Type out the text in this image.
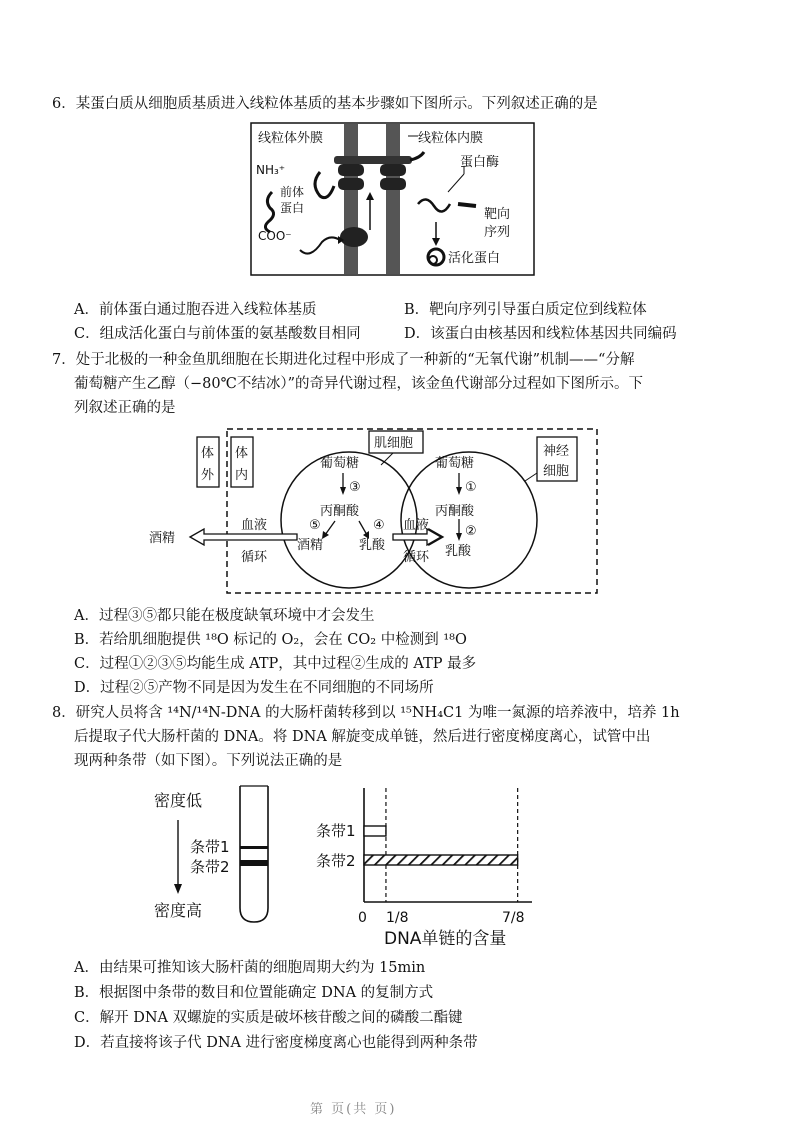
6．某蛋白质从细胞质基质进入线粒体基质的基本步骤如下图所示。下列叙述正确的是
线粒体外膜	线粒体内膜
NH₃⁺
前体
蛋白
COO⁻
蛋白酶
靶向
序列
活化蛋白
A．前体蛋白通过胞吞进入线粒体基质	B．靶向序列引导蛋白质定位到线粒体
C．组成活化蛋白与前体蛋的氨基酸数目相同	D．该蛋白由核基因和线粒体基因共同编码
7．处于北极的一种金鱼肌细胞在长期进化过程中形成了一种新的“无氧代谢”机制——“分解
葡萄糖产生乙醇（−80℃不结冰）”的奇异代谢过程，该金鱼代谢部分过程如下图所示。下
列叙述正确的是
体
外
体
内
肌细胞
神经
细胞
葡萄糖
③
丙酮酸
⑤	④
酒精	乳酸
葡萄糖
①
丙酮酸
②
乳酸
血液
循环
血液
循环
酒精
A．过程③⑤都只能在极度缺氧环境中才会发生
B．若给肌细胞提供 ¹⁸O 标记的 O₂，会在 CO₂ 中检测到 ¹⁸O
C．过程①②③⑤均能生成 ATP，其中过程②生成的 ATP 最多
D．过程②⑤产物不同是因为发生在不同细胞的不同场所
8．研究人员将含 ¹⁴N/¹⁴N-DNA 的大肠杆菌转移到以 ¹⁵NH₄C1 为唯一氮源的培养液中，培养 1h
后提取子代大肠杆菌的 DNA。将 DNA 解旋变成单链，然后进行密度梯度离心，试管中出
现两种条带（如下图）。下列说法正确的是
密度低
条带1
条带2
密度高
条带1
条带2
0 1/8	7/8
DNA单链的含量
A．由结果可推知该大肠杆菌的细胞周期大约为 15min
B．根据图中条带的数目和位置能确定 DNA 的复制方式
C．解开 DNA 双螺旋的实质是破坏核苷酸之间的磷酸二酯键
D．若直接将该子代 DNA 进行密度梯度离心也能得到两种条带
第 页(共 页)
